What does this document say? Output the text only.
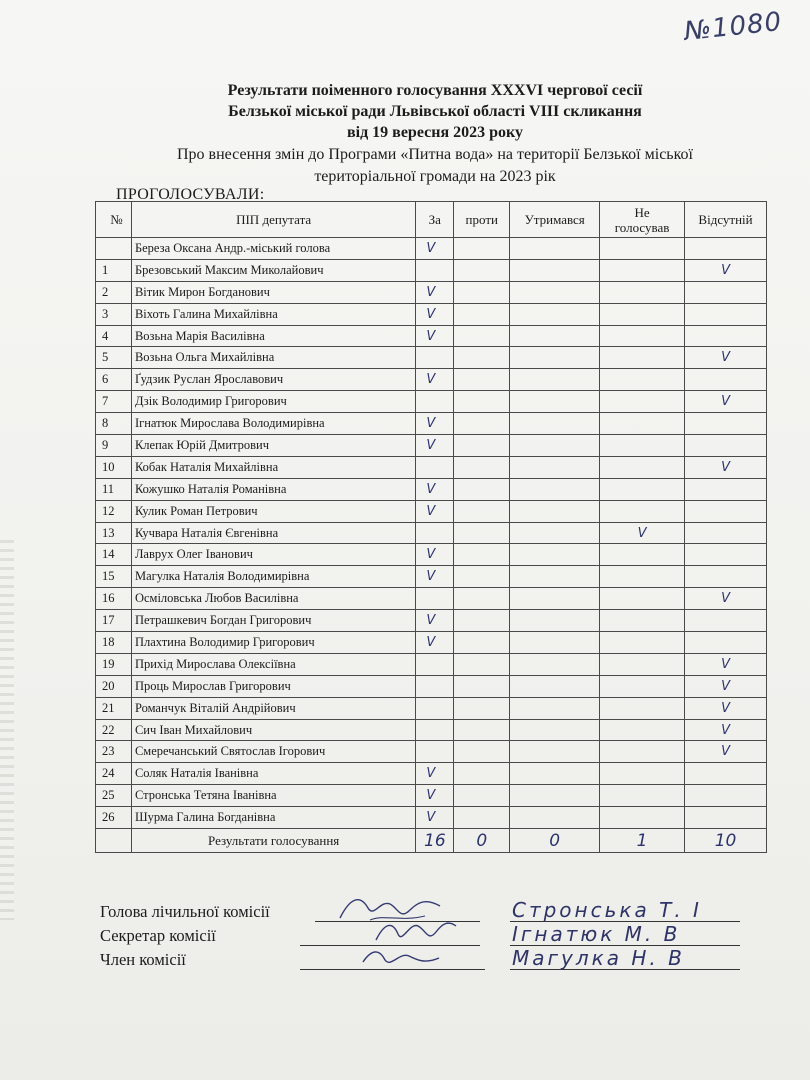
№1080
Результати поіменного голосування XXXVI чергової сесії
Белзької міської ради Львівської області VIII скликання
від 19 вересня 2023 року
Про внесення змін до Програми «Питна вода» на території Белзької міської
територіальної громади на 2023 рік
ПРОГОЛОСУВАЛИ:
№	ПІП депутата	За	проти	Утримався	Не
голосував	Відсутній
	Береза Оксана Андр.-міський голова	V				
1	Брезовський Максим Миколайович					V
2	Вітик Мирон Богданович	V				
3	Віхоть Галина Михайлівна	V				
4	Возьна Марія Василівна	V				
5	Возьна Ольга Михайлівна					V
6	Ґудзик Руслан Ярославович	V				
7	Дзік Володимир Григорович					V
8	Ігнатюк Мирослава Володимирівна	V				
9	Клепак Юрій Дмитрович	V				
10	Кобак Наталія Михайлівна					V
11	Кожушко Наталія Романівна	V				
12	Кулик Роман Петрович	V				
13	Кучвара Наталія Євгенівна				V	
14	Лаврух Олег Іванович	V				
15	Магулка Наталія Володимирівна	V				
16	Осміловська Любов Василівна					V
17	Петрашкевич Богдан Григорович	V				
18	Плахтина Володимир Григорович	V				
19	Прихід Мирослава Олексіївна					V
20	Проць Мирослав Григорович					V
21	Романчук Віталій Андрійович					V
22	Сич Іван Михайлович					V
23	Смеречанський Святослав Ігорович					V
24	Соляк Наталія Іванівна	V				
25	Стронська Тетяна Іванівна	V				
26	Шурма Галина Богданівна	V				
	Результати голосування	16	0	0	1	10
Голова лічильної комісії	Стронська Т. І
Секретар комісії	Ігнатюк М. В
Член комісії	Магулка Н. В
